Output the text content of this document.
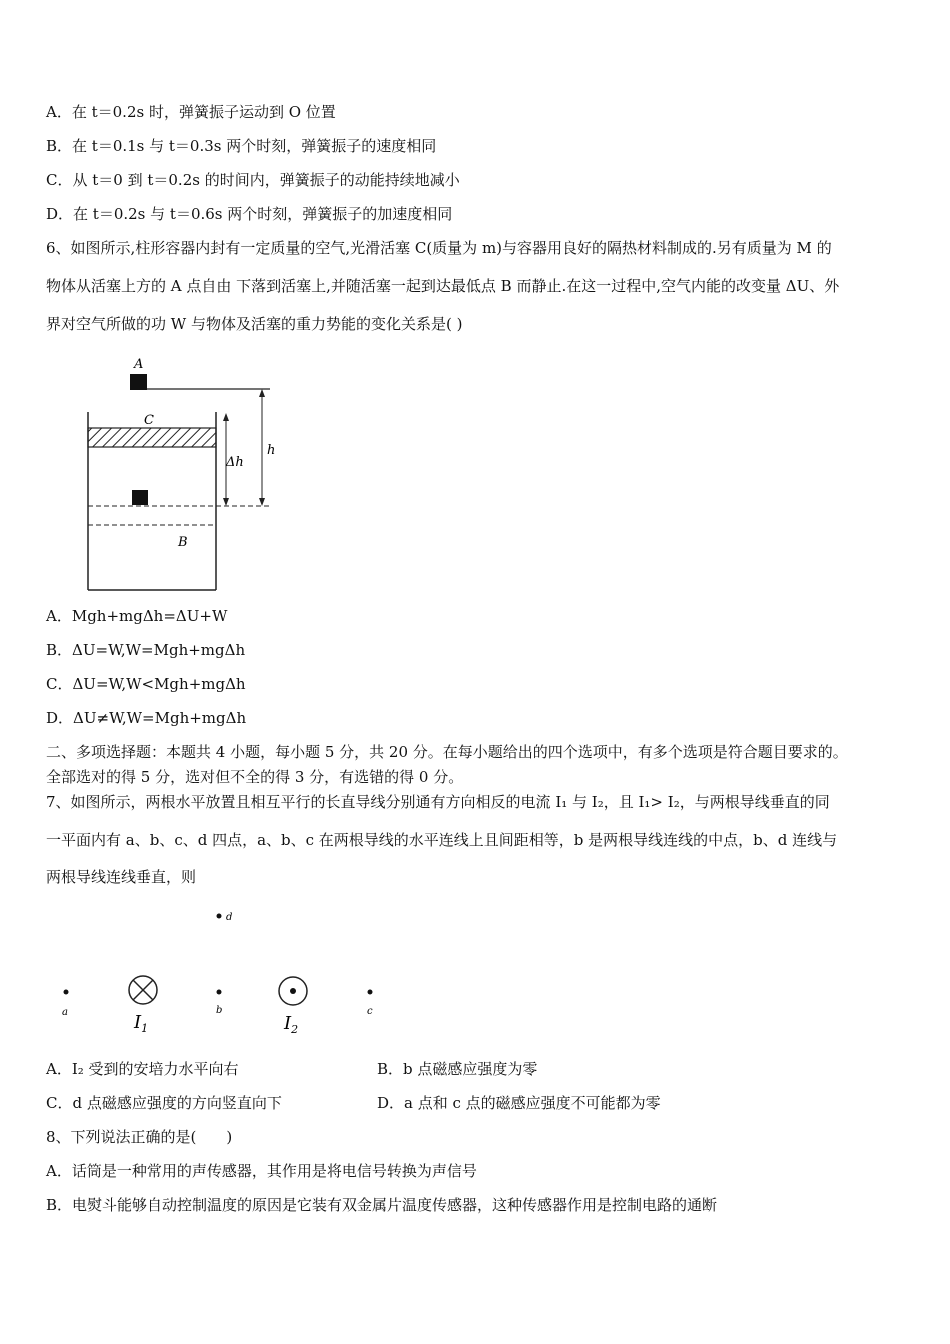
A．在 t＝0.2s 时，弹簧振子运动到 O 位置
B．在 t＝0.1s 与 t＝0.3s 两个时刻，弹簧振子的速度相同
C．从 t＝0 到 t＝0.2s 的时间内，弹簧振子的动能持续地减小
D．在 t＝0.2s 与 t＝0.6s 两个时刻，弹簧振子的加速度相同
6、如图所示,柱形容器内封有一定质量的空气,光滑活塞 C(质量为 m)与容器用良好的隔热材料制成的.另有质量为 M 的
物体从活塞上方的 A 点自由 下落到活塞上,并随活塞一起到达最低点 B 而静止.在这一过程中,空气内能的改变量 ΔU、外
界对空气所做的功 W 与物体及活塞的重力势能的变化关系是( )
A
C
B
Δh
h
A．Mgh+mgΔh=ΔU+W
B．ΔU=W,W=Mgh+mgΔh
C．ΔU=W,W<Mgh+mgΔh
D．ΔU≠W,W=Mgh+mgΔh
二、多项选择题：本题共 4 小题，每小题 5 分，共 20 分。在每小题给出的四个选项中，有多个选项是符合题目要求的。
全部选对的得 5 分，选对但不全的得 3 分，有选错的得 0 分。
7、如图所示，两根水平放置且相互平行的长直导线分别通有方向相反的电流 I₁ 与 I₂，且 I₁> I₂，与两根导线垂直的同
一平面内有 a、b、c、d 四点，a、b、c 在两根导线的水平连线上且间距相等，b 是两根导线连线的中点，b、d 连线与
两根导线连线垂直，则
d
a	$I_1$
b
$I_2$
c
A．I₂ 受到的安培力水平向右	B．b 点磁感应强度为零
C．d 点磁感应强度的方向竖直向下	D．a 点和 c 点的磁感应强度不可能都为零
8、下列说法正确的是(　　)
A．话筒是一种常用的声传感器，其作用是将电信号转换为声信号
B．电熨斗能够自动控制温度的原因是它装有双金属片温度传感器，这种传感器作用是控制电路的通断
